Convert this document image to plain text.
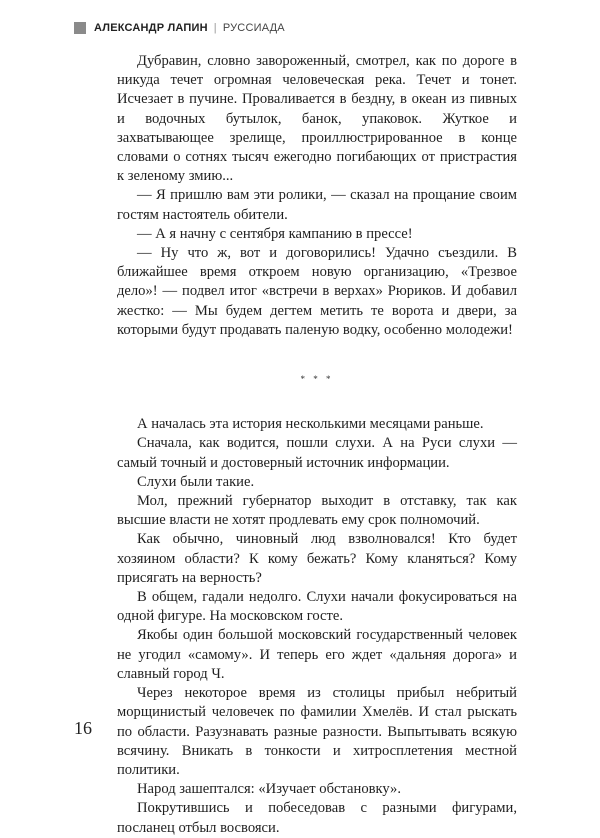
АЛЕКСАНДР ЛАПИН | РУССИАДА

Дубравин, словно завороженный, смотрел, как по дороге в никуда течет огромная человеческая река. Течет и тонет. Исчезает в пучине. Проваливается в бездну, в океан из пивных и водочных бутылок, банок, упаковок. Жуткое и захватывающее зрелище, проиллюстрированное в конце словами о сотнях тысяч ежегодно погибающих от пристрастия к зеленому змию...

— Я пришлю вам эти ролики, — сказал на прощание своим гостям настоятель обители.

— А я начну с сентября кампанию в прессе!

— Ну что ж, вот и договорились! Удачно съездили. В ближайшее время откроем новую организацию, «Трезвое дело»! — подвел итог «встречи в верхах» Рюриков. И добавил жестко: — Мы будем дегтем метить те ворота и двери, за которыми будут продавать паленую водку, особенно молодежи!

* * *

А началась эта история несколькими месяцами раньше.

Сначала, как водится, пошли слухи. А на Руси слухи — самый точный и достоверный источник информации.

Слухи были такие.

Мол, прежний губернатор выходит в отставку, так как высшие власти не хотят продлевать ему срок полномочий.

Как обычно, чиновный люд взволновался! Кто будет хозяином области? К кому бежать? Кому кланяться? Кому присягать на верность?

В общем, гадали недолго. Слухи начали фокусироваться на одной фигуре. На московском госте.

Якобы один большой московский государственный человек не угодил «самому». И теперь его ждет «дальняя дорога» и славный город Ч.

Через некоторое время из столицы прибыл небритый морщинистый человечек по фамилии Хмелёв. И стал рыскать по области. Разузнавать разные разности. Выпытывать всякую всячину. Вникать в тонкости и хитросплетения местной политики.

Народ зашептался: «Изучает обстановку».

Покрутившись и побеседовав с разными фигурами, посланец отбыл восвояси.

16
